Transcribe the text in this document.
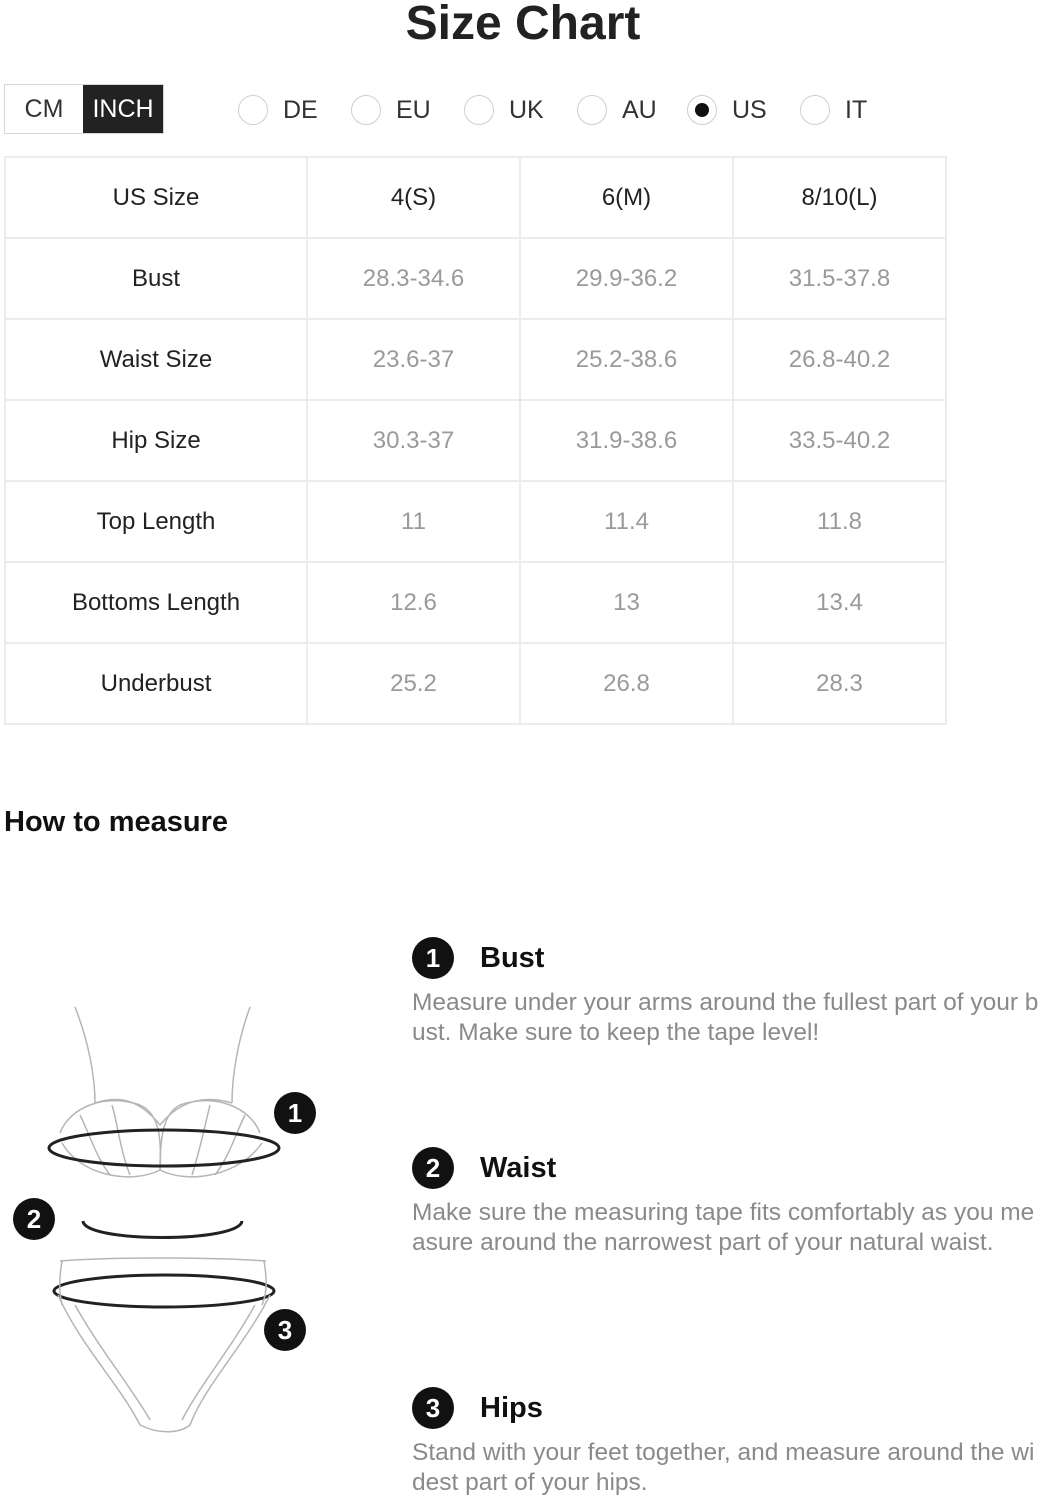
Size Chart
CM	INCH	DE	EU	UK	AU	US	IT
US Size	4(S)	6(M)	8/10(L)
Bust	28.3-34.6	29.9-36.2	31.5-37.8
Waist Size	23.6-37	25.2-38.6	26.8-40.2
Hip Size	30.3-37	31.9-38.6	33.5-40.2
Top Length	11	11.4	11.8
Bottoms Length	12.6	13	13.4
Underbust	25.2	26.8	28.3
How to measure
1
2
3
1	Bust
Measure under your arms around the fullest part of your bust. Make sure to keep the tape level!
2	Waist
Make sure the measuring tape fits comfortably as you measure around the narrowest part of your natural waist.
3	Hips
Stand with your feet together, and measure around the widest part of your hips.
